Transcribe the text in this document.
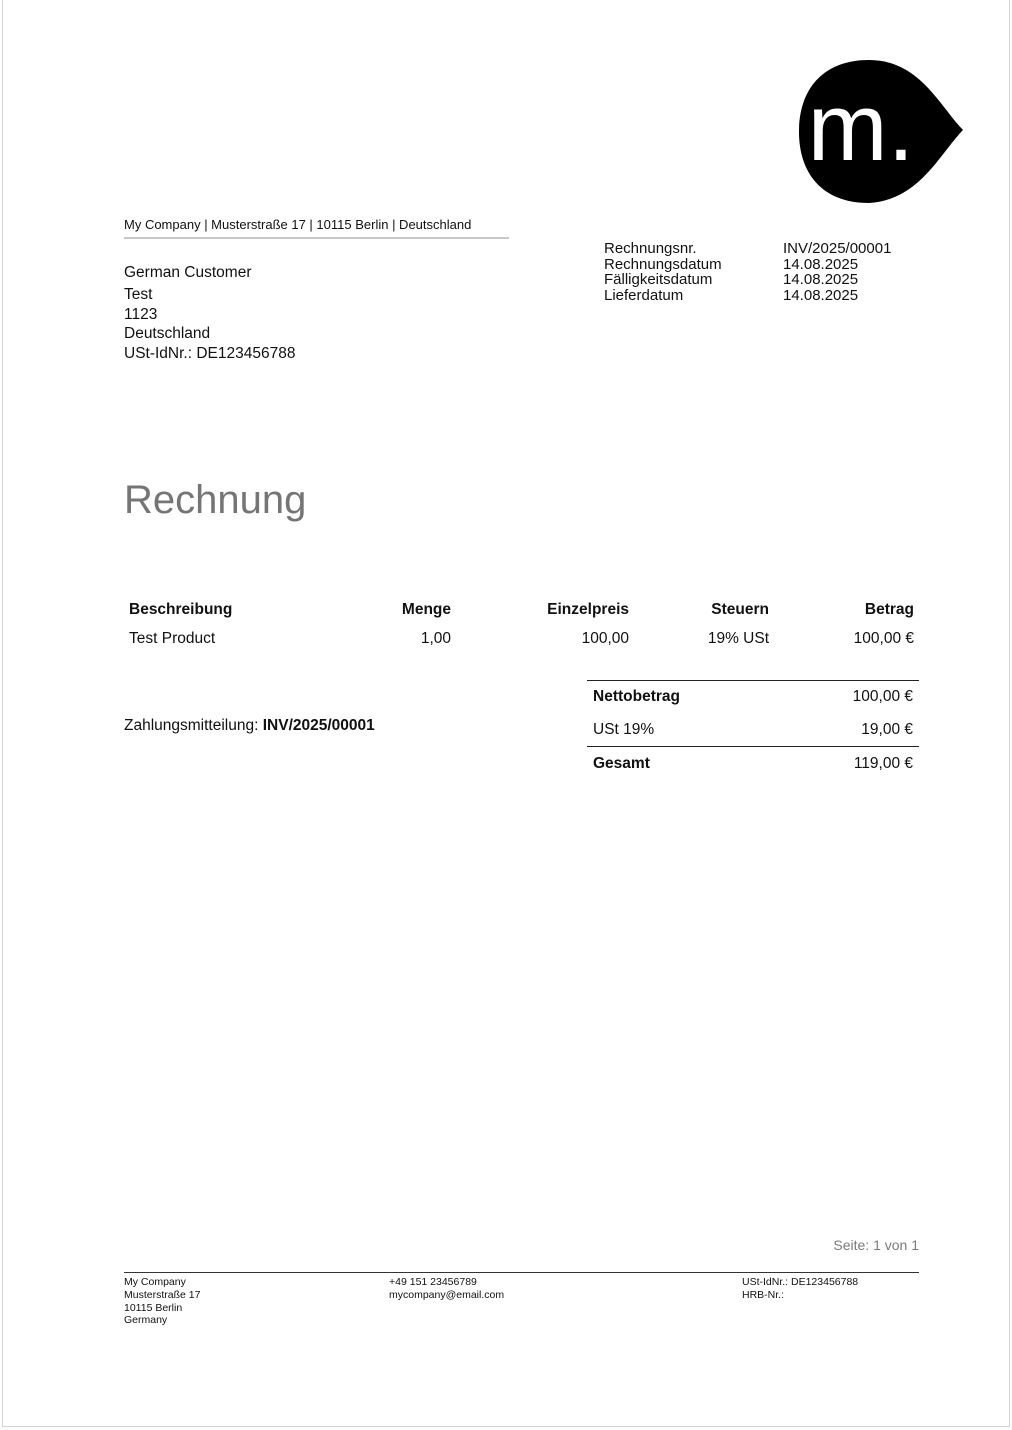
m.
My Company | Musterstraße 17 | 10115 Berlin | Deutschland
Rechnungsnr.	INV/2025/00001
Rechnungsdatum	14.08.2025
Fälligkeitsdatum	14.08.2025
Lieferdatum	14.08.2025
German Customer
Test
1123
Deutschland
USt-IdNr.: DE123456788
Rechnung
Beschreibung	Menge	Einzelpreis	Steuern	Betrag
Test Product	1,00	100,00	19% USt	100,00 €
Zahlungsmitteilung: INV/2025/00001
Nettobetrag	100,00 €
USt 19%	19,00 €
Gesamt	119,00 €
Seite: 1 von 1
My Company
Musterstraße 17
10115 Berlin
Germany
+49 151 23456789
mycompany@email.com
USt-IdNr.: DE123456788
HRB-Nr.:
